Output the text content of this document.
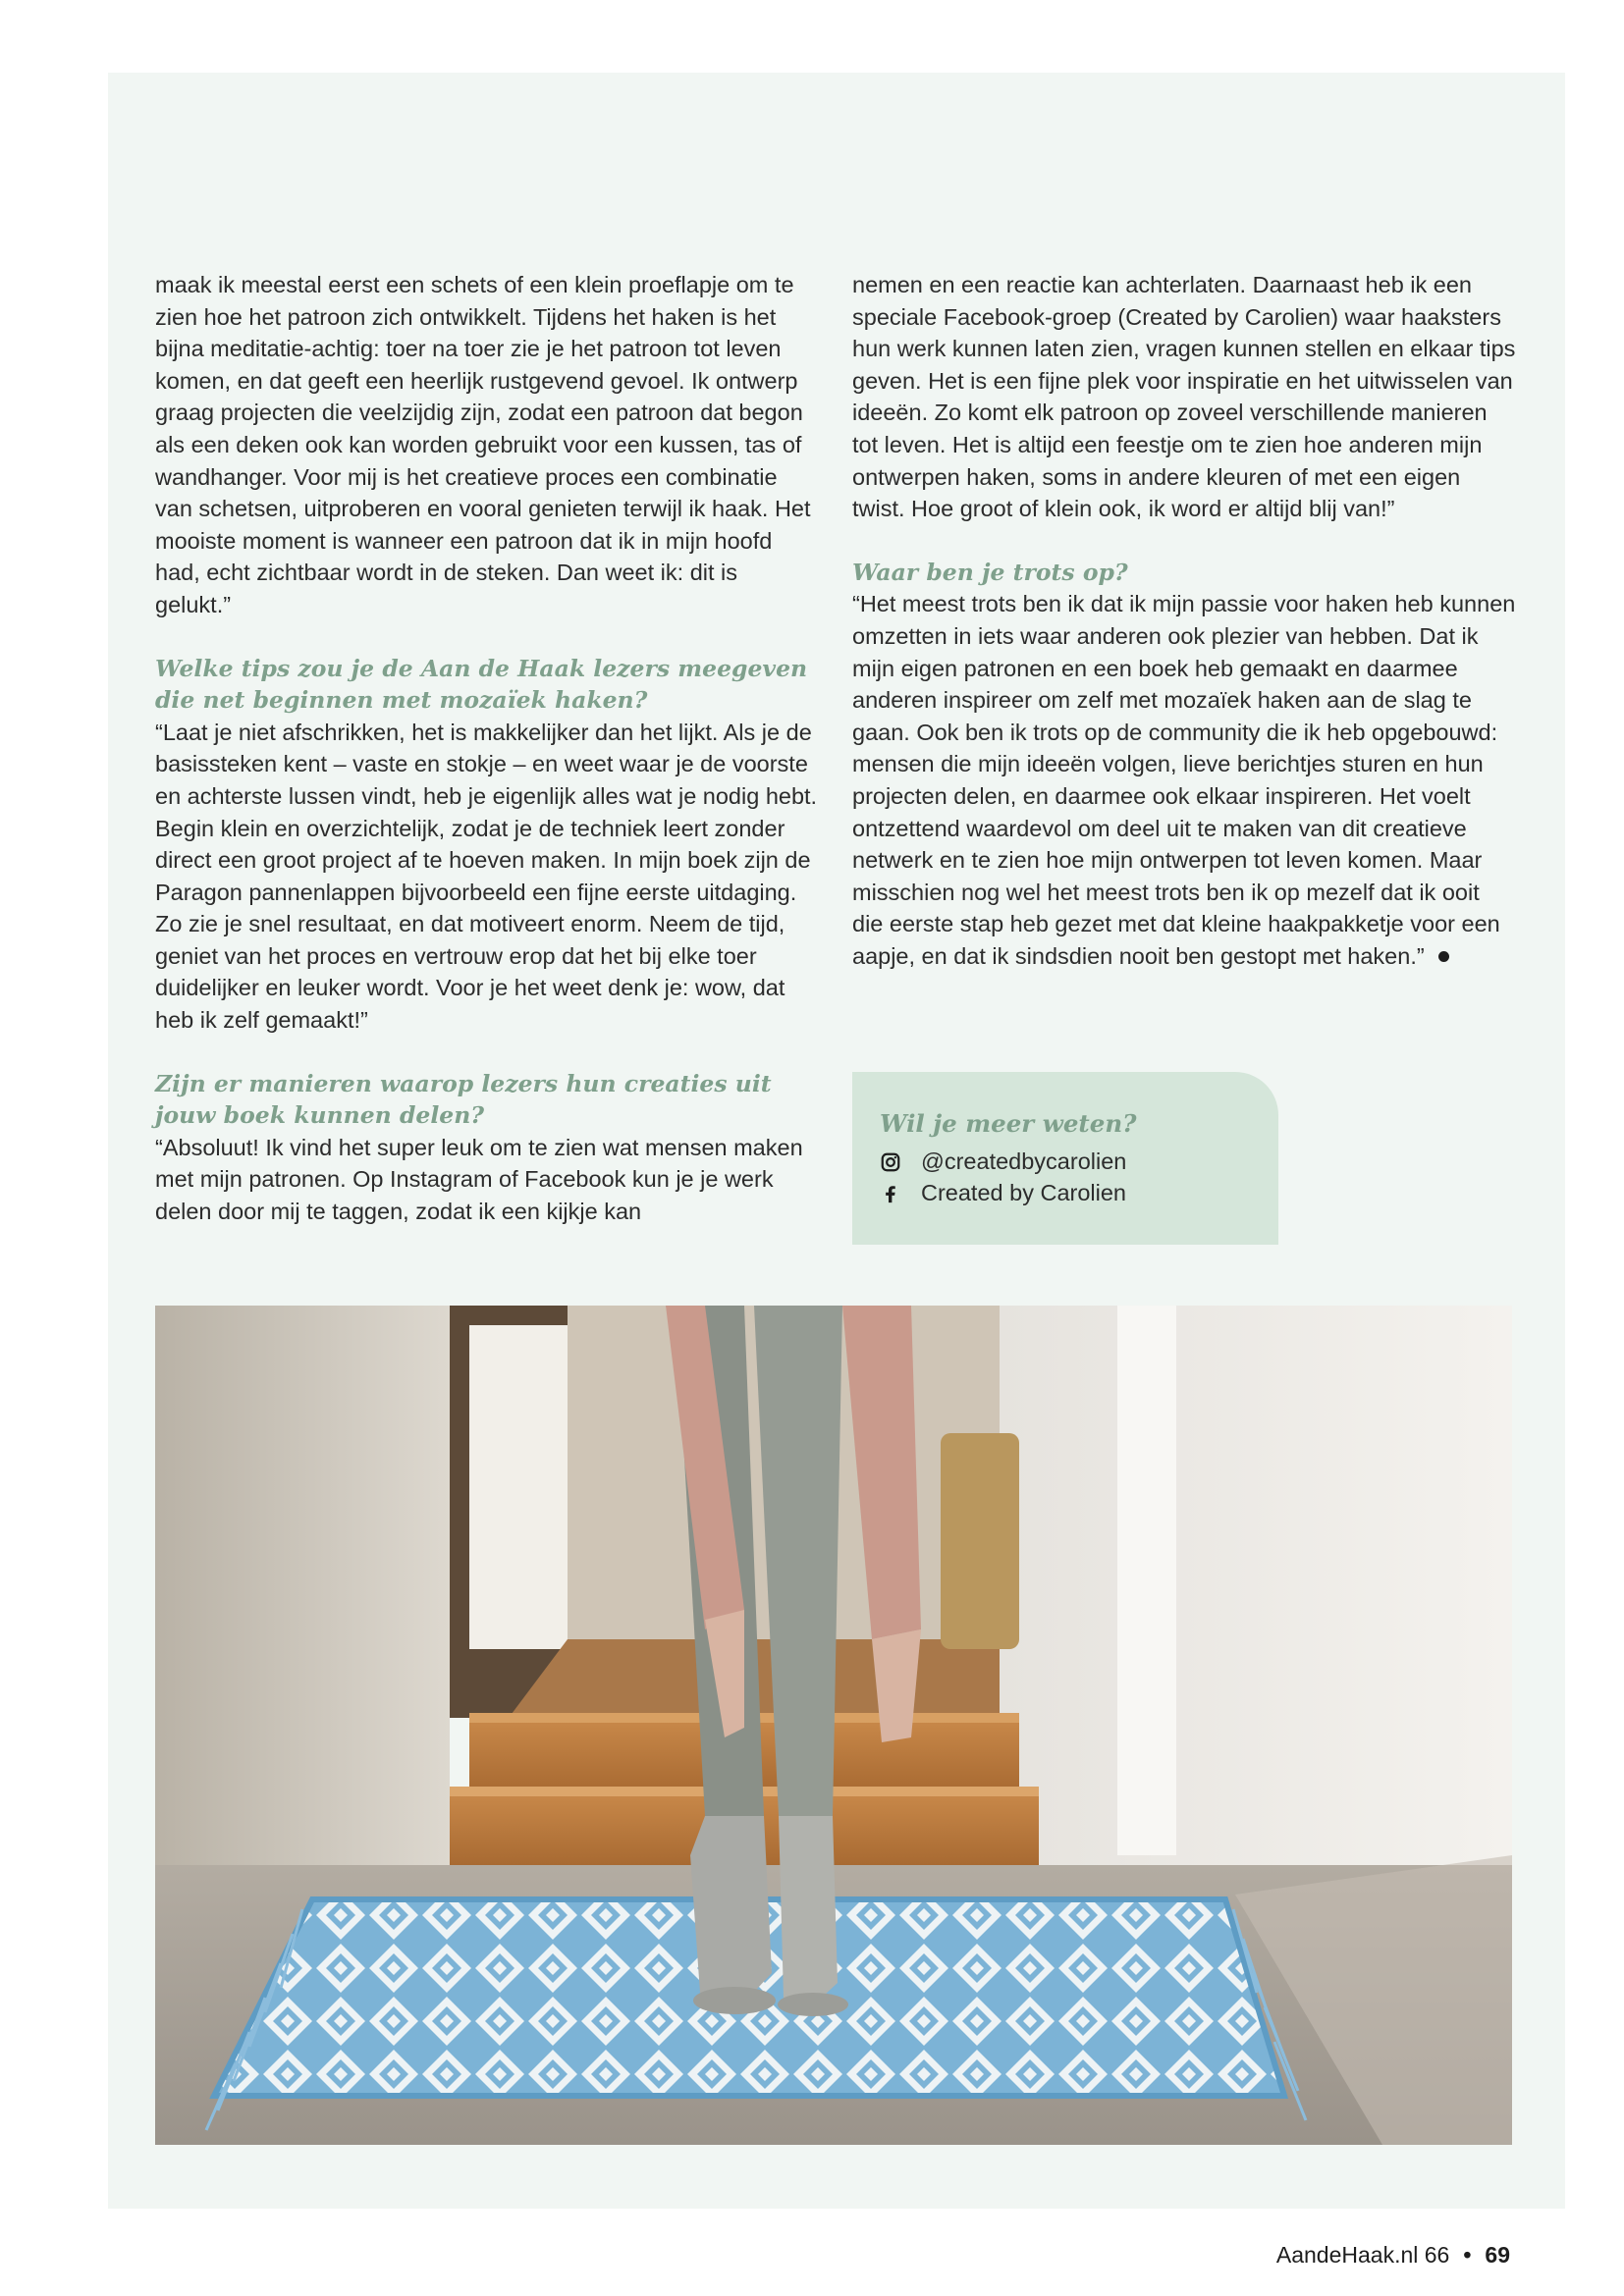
maak ik meestal eerst een schets of een klein proeflapje om te zien hoe het patroon zich ontwikkelt. Tijdens het haken is het bijna meditatie-achtig: toer na toer zie je het patroon tot leven komen, en dat geeft een heerlijk rustgevend gevoel. Ik ontwerp graag projecten die veelzijdig zijn, zodat een patroon dat begon als een deken ook kan worden gebruikt voor een kussen, tas of wandhanger. Voor mij is het creatieve proces een combinatie van schetsen, uitproberen en vooral genieten terwijl ik haak. Het mooiste moment is wanneer een patroon dat ik in mijn hoofd had, echt zichtbaar wordt in de steken. Dan weet ik: dit is gelukt.”

Welke tips zou je de Aan de Haak lezers meegeven die net beginnen met mozaïek haken?

“Laat je niet afschrikken, het is makkelijker dan het lijkt. Als je de basissteken kent – vaste en stokje – en weet waar je de voorste en achterste lussen vindt, heb je eigenlijk alles wat je nodig hebt. Begin klein en overzichtelijk, zodat je de techniek leert zonder direct een groot project af te hoeven maken. In mijn boek zijn de Paragon pannenlappen bijvoorbeeld een fijne eerste uitdaging. Zo zie je snel resultaat, en dat motiveert enorm. Neem de tijd, geniet van het proces en vertrouw erop dat het bij elke toer duidelijker en leuker wordt. Voor je het weet denk je: wow, dat heb ik zelf gemaakt!”

Zijn er manieren waarop lezers hun creaties uit jouw boek kunnen delen?

“Absoluut! Ik vind het super leuk om te zien wat mensen maken met mijn patronen. Op Instagram of Facebook kun je je werk delen door mij te taggen, zodat ik een kijkje kan

nemen en een reactie kan achterlaten. Daarnaast heb ik een speciale Facebook-groep (Created by Carolien) waar haaksters hun werk kunnen laten zien, vragen kunnen stellen en elkaar tips geven. Het is een fijne plek voor inspiratie en het uitwisselen van ideeën. Zo komt elk patroon op zoveel verschillende manieren tot leven. Het is altijd een feestje om te zien hoe anderen mijn ontwerpen haken, soms in andere kleuren of met een eigen twist. Hoe groot of klein ook, ik word er altijd blij van!”

Waar ben je trots op?

“Het meest trots ben ik dat ik mijn passie voor haken heb kunnen omzetten in iets waar anderen ook plezier van hebben. Dat ik mijn eigen patronen en een boek heb gemaakt en daarmee anderen inspireer om zelf met mozaïek haken aan de slag te gaan. Ook ben ik trots op de community die ik heb opgebouwd: mensen die mijn ideeën volgen, lieve berichtjes sturen en hun projecten delen, en daarmee ook elkaar inspireren. Het voelt ontzettend waardevol om deel uit te maken van dit creatieve netwerk en te zien hoe mijn ontwerpen tot leven komen. Maar misschien nog wel het meest trots ben ik op mezelf dat ik ooit die eerste stap heb gezet met dat kleine haakpakketje voor een aapje, en dat ik sindsdien nooit ben gestopt met haken.”

Wil je meer weten?
@createdbycarolien
Created by Carolien
AandeHaak.nl 66 • 69
